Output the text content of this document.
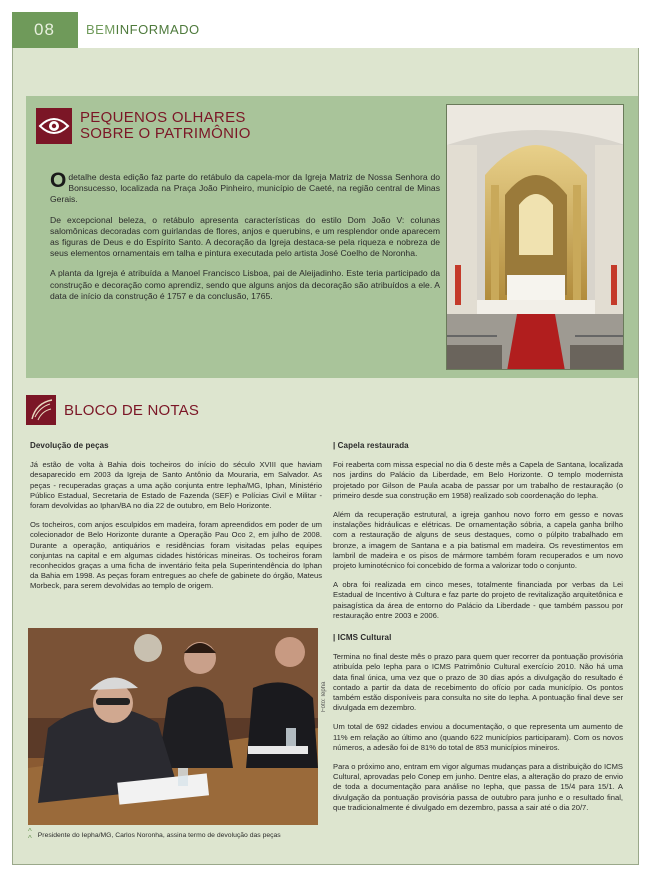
08	BEMINFORMADO
PEQUENOS OLHARES
SOBRE O PATRIMÔNIO

Odetalhe desta edição faz parte do retábulo da capela-mor da Igreja Matriz de Nossa Senhora do Bonsucesso, localizada na Praça João Pinheiro, município de Caeté, na região central de Minas Gerais.

De excepcional beleza, o retábulo apresenta características do estilo Dom João V: colunas salomônicas decoradas com guirlandas de flores, anjos e querubins, e um resplendor onde aparecem as figuras de Deus e do Espírito Santo. A decoração da Igreja destaca-se pela riqueza e nobreza de seus elementos ornamentais em talha e pintura executada pelo artista José Coelho de Noronha.

A planta da Igreja é atribuída a Manoel Francisco Lisboa, pai de Aleijadinho. Este teria participado da construção e decoração como aprendiz, sendo que alguns anjos da decoração são atribuídos a ele. A data de início da construção é 1757 e da conclusão, 1765.

BLOCO DE NOTAS
Devolução de peças

Já estão de volta à Bahia dois tocheiros do início do século XVIII que haviam desaparecido em 2003 da Igreja de Santo Antônio da Mouraria, em Salvador. As peças - recuperadas graças a uma ação conjunta entre Iepha/MG, Iphan, Ministério Público Estadual, Secretaria de Estado de Fazenda (SEF) e Polícias Civil e Militar - foram devolvidas ao Iphan/BA no dia 22 de outubro, em Belo Horizonte.

Os tocheiros, com anjos esculpidos em madeira, foram apreendidos em poder de um colecionador de Belo Horizonte durante a Operação Pau Oco 2, em julho de 2008. Durante a operação, antiquários e residências foram visitadas pelas equipes conjuntas na capital e em algumas cidades históricas mineiras. Os tocheiros foram reconhecidos graças a uma ficha de inventário feita pela Superintendência do Iphan da Bahia em 1998. As peças foram entregues ao chefe de gabinete do órgão, Mateus Morbeck, para serem devolvidas ao templo de origem.

| Capela restaurada

Foi reaberta com missa especial no dia 6 deste mês a Capela de Santana, localizada nos jardins do Palácio da Liberdade, em Belo Horizonte. O templo modernista projetado por Gilson de Paula acaba de passar por um trabalho de restauração (o primeiro desde sua construção em 1958) realizado sob coordenação do Iepha.

Além da recuperação estrutural, a igreja ganhou novo forro em gesso e novas instalações hidráulicas e elétricas. De ornamentação sóbria, a capela ganha brilho com a restauração de alguns de seus destaques, como o púlpito trabalhado em bronze, a imagem de Santana e a pia batismal em madeira. Os revestimentos em lambril de madeira e os pisos de mármore também foram recuperados e um novo projeto luminotécnico foi concebido de forma a valorizar todo o conjunto.

A obra foi realizada em cinco meses, totalmente financiada por verbas da Lei Estadual de Incentivo à Cultura e faz parte do projeto de revitalização arquitetônica e paisagística da área de entorno do Palácio da Liberdade - que também passou por restauração entre 2003 e 2006.

| ICMS Cultural

Termina no final deste mês o prazo para quem quer recorrer da pontuação provisória atribuída pelo Iepha para o ICMS Patrimônio Cultural exercício 2010. Não há uma data final única, uma vez que o prazo de 30 dias após a divulgação do resultado é contado a partir da data de recebimento do ofício por cada município. Os pontos também estão disponíveis para consulta no site do Iepha. A pontuação final deve ser divulgada em dezembro.

Um total de 692 cidades enviou a documentação, o que representa um aumento de 11% em relação ao último ano (quando 622 municípios participaram). Com os novos números, a adesão foi de 81% do total de 853 municípios mineiros.

Para o próximo ano, entram em vigor algumas mudanças para a distribuição do ICMS Cultural, aprovadas pelo Conep em junho. Dentre elas, a alteração do prazo de envio de toda a documentação para análise no Iepha, que passa de 15/4 para 15/1. A divulgação da pontuação provisória passa de outubro para junho e o resultado final, que tradicionalmente é divulgado em dezembro, passa a sair até o dia 20/7.

Foto: Iepha
^
^ Presidente do Iepha/MG, Carlos Noronha, assina termo de devolução das peças
